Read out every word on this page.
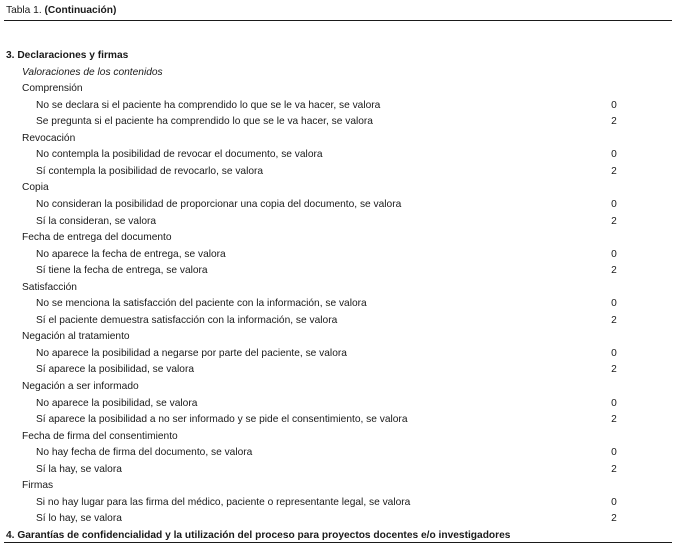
Tabla 1. (Continuación)
3. Declaraciones y firmas
Valoraciones de los contenidos
Comprensión
No se declara si el paciente ha comprendido lo que se le va hacer, se valora	0
Se pregunta si el paciente ha comprendido lo que se le va hacer, se valora	2
Revocación
No contempla la posibilidad de revocar el documento, se valora	0
Sí contempla la posibilidad de revocarlo, se valora	2
Copia
No consideran la posibilidad de proporcionar una copia del documento, se valora	0
Sí la consideran, se valora	2
Fecha de entrega del documento
No aparece la fecha de entrega, se valora	0
Sí tiene la fecha de entrega, se valora	2
Satisfacción
No se menciona la satisfacción del paciente con la información, se valora	0
Sí el paciente demuestra satisfacción con la información, se valora	2
Negación al tratamiento
No aparece la posibilidad a negarse por parte del paciente, se valora	0
Sí aparece la posibilidad, se valora	2
Negación a ser informado
No aparece la posibilidad, se valora	0
Sí aparece la posibilidad a no ser informado y se pide el consentimiento, se valora	2
Fecha de firma del consentimiento
No hay fecha de firma del documento, se valora	0
Sí la hay, se valora	2
Firmas
Si no hay lugar para las firma del médico, paciente o representante legal, se valora	0
Sí lo hay, se valora	2
4. Garantías de confidencialidad y la utilización del proceso para proyectos docentes e/o investigadores
